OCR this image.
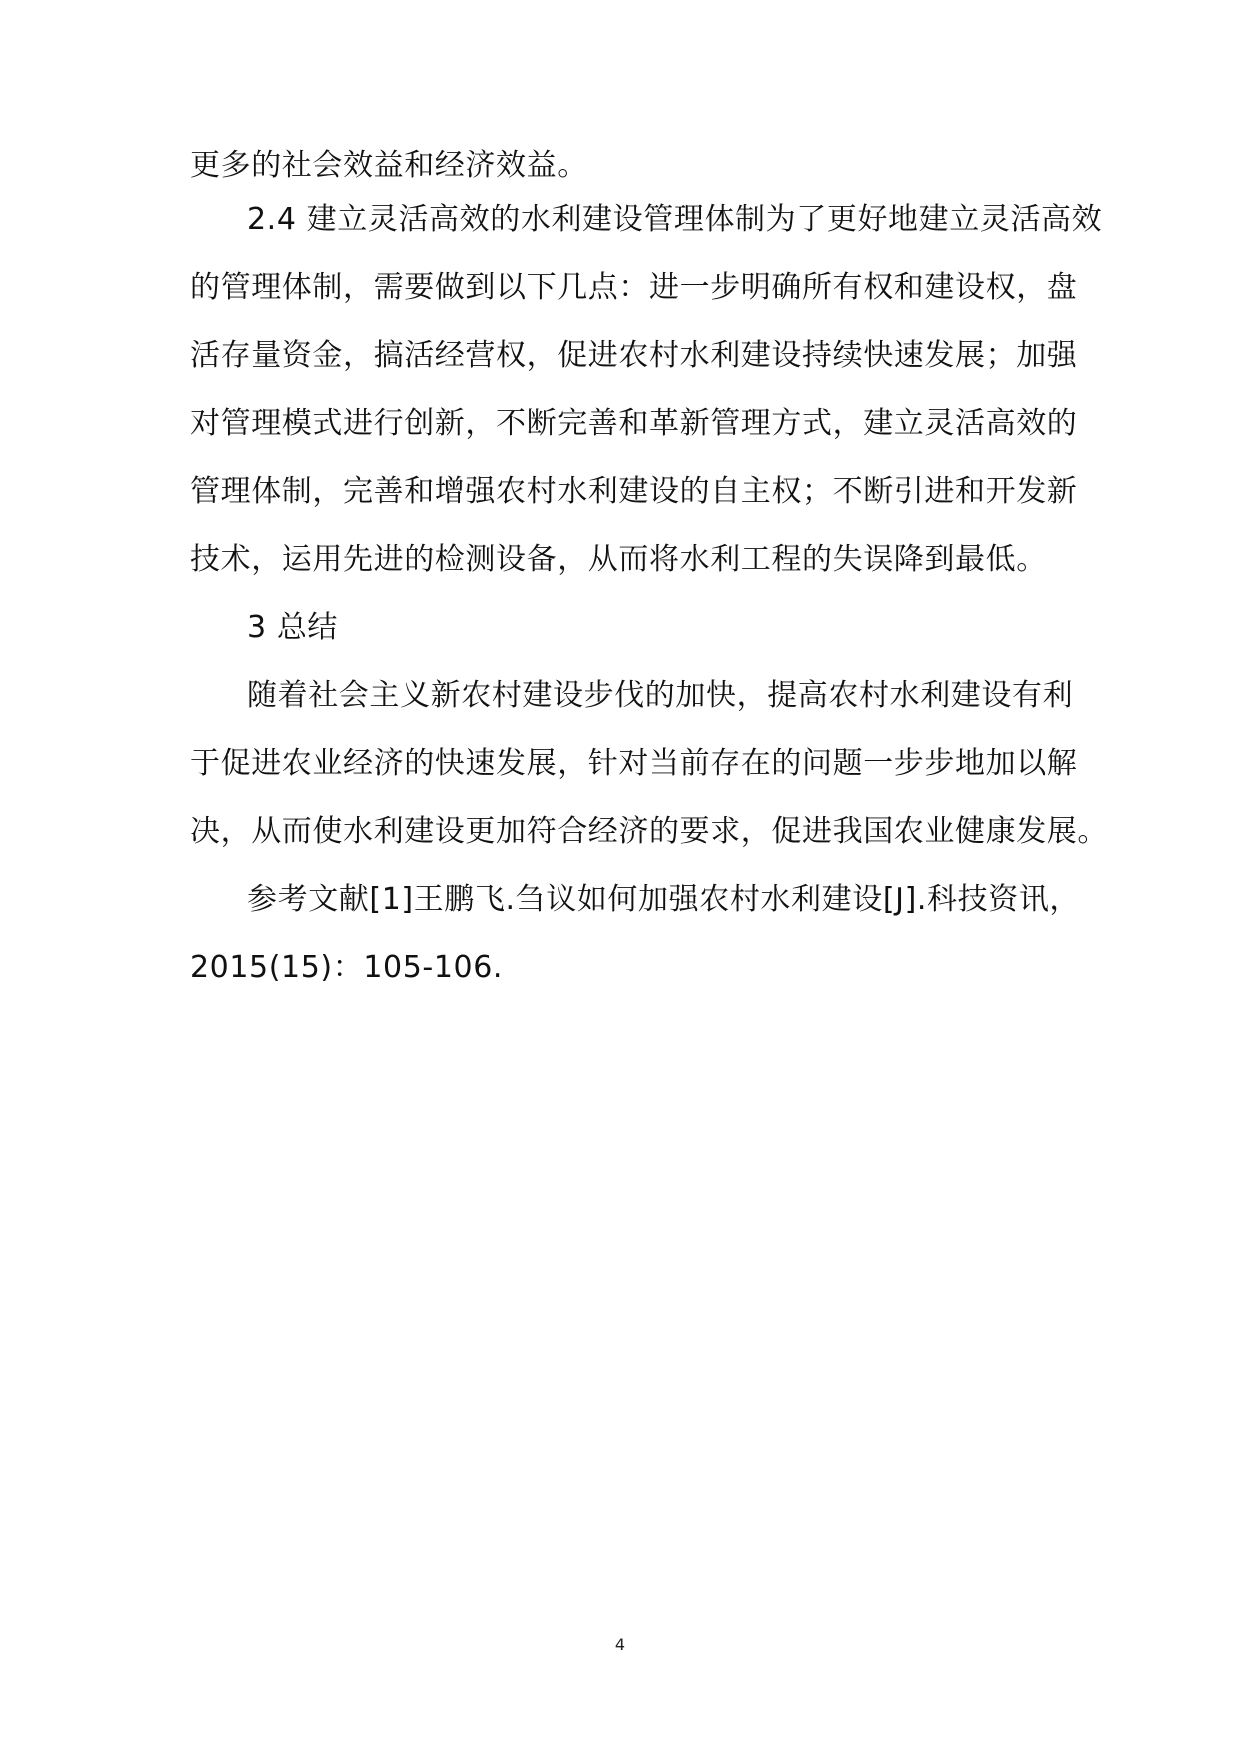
更多的社会效益和经济效益。
2.4 建立灵活高效的水利建设管理体制为了更好地建立灵活高效
的管理体制，需要做到以下几点：进一步明确所有权和建设权，盘
活存量资金，搞活经营权，促进农村水利建设持续快速发展；加强
对管理模式进行创新，不断完善和革新管理方式，建立灵活高效的
管理体制，完善和增强农村水利建设的自主权；不断引进和开发新
技术，运用先进的检测设备，从而将水利工程的失误降到最低。
3 总结
随着社会主义新农村建设步伐的加快，提高农村水利建设有利
于促进农业经济的快速发展，针对当前存在的问题一步步地加以解
决，从而使水利建设更加符合经济的要求，促进我国农业健康发展。
参考文献[1]王鹏飞.刍议如何加强农村水利建设[J].科技资讯，
2015(15)：105-106.
4
